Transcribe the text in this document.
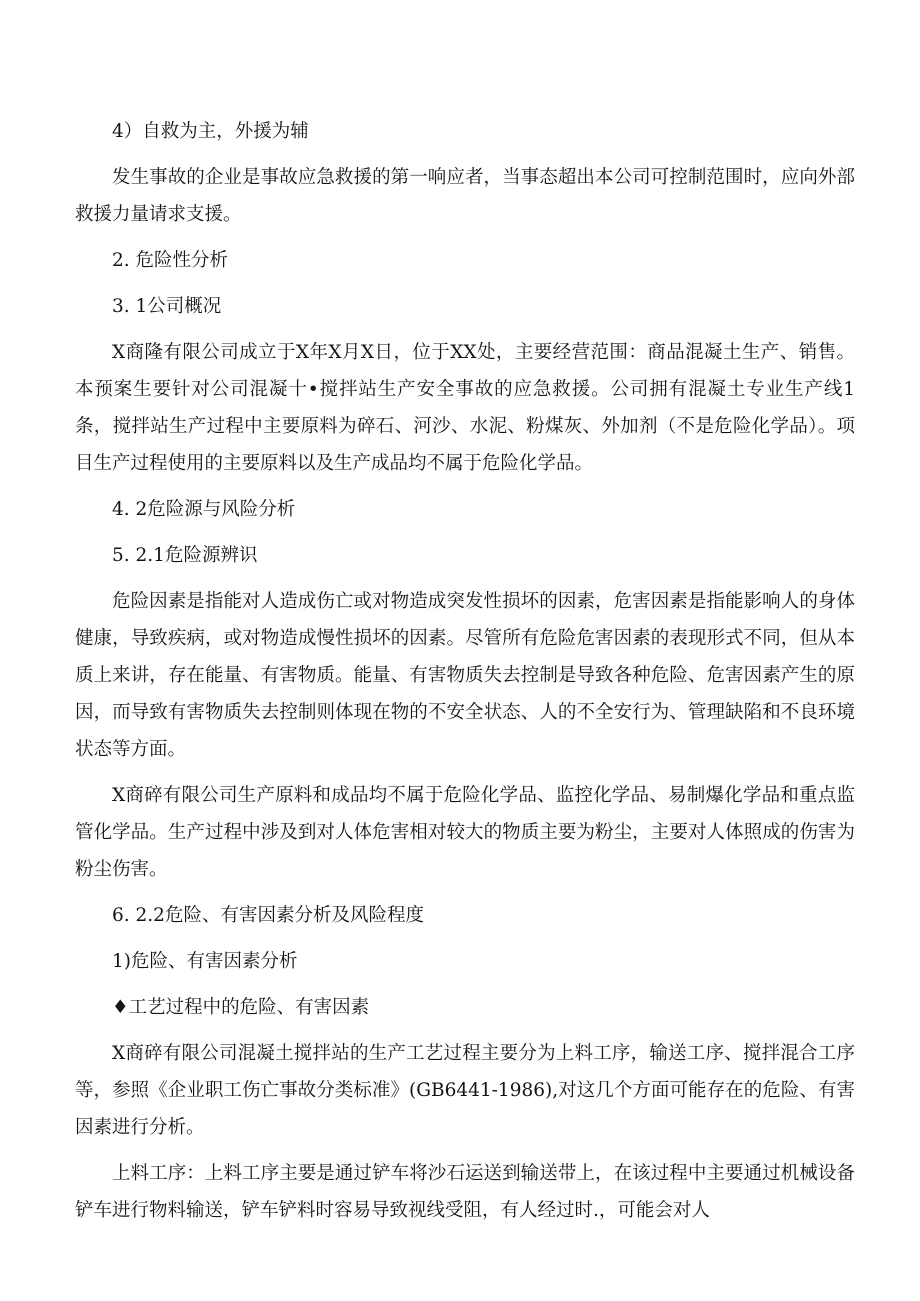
4）自救为主，外援为辅

发生事故的企业是事故应急救援的第一响应者，当事态超出本公司可控制范围时，应向外部救援力量请求支援。

2. 危险性分析

3. 1公司概况

X商隆有限公司成立于X年X月X日，位于XX处，主要经营范围：商品混凝土生产、销售。本预案生要针对公司混凝十•搅拌站生产安全事故的应急救援。公司拥有混凝土专业生产线1条，搅拌站生产过程中主要原料为碎石、河沙、水泥、粉煤灰、外加剂（不是危险化学品）。项目生产过程使用的主要原料以及生产成品均不属于危险化学品。

4. 2危险源与风险分析

5. 2.1危险源辨识

危险因素是指能对人造成伤亡或对物造成突发性损坏的因素，危害因素是指能影响人的身体健康，导致疾病，或对物造成慢性损坏的因素。尽管所有危险危害因素的表现形式不同，但从本质上来讲，存在能量、有害物质。能量、有害物质失去控制是导致各种危险、危害因素产生的原因，而导致有害物质失去控制则体现在物的不安全状态、人的不全安行为、管理缺陷和不良环境状态等方面。

X商碎有限公司生产原料和成品均不属于危险化学品、监控化学品、易制爆化学品和重点监管化学品。生产过程中涉及到对人体危害相对较大的物质主要为粉尘，主要对人体照成的伤害为粉尘伤害。

6. 2.2危险、有害因素分析及风险程度

1)危险、有害因素分析

♦工艺过程中的危险、有害因素

X商碎有限公司混凝土搅拌站的生产工艺过程主要分为上料工序，输送工序、搅拌混合工序等，参照《企业职工伤亡事故分类标准》(GB6441-1986),对这几个方面可能存在的危险、有害因素进行分析。

上料工序：上料工序主要是通过铲车将沙石运送到输送带上，在该过程中主要通过机械设备铲车进行物料输送，铲车铲料时容易导致视线受阻，有人经过时.，可能会对人
